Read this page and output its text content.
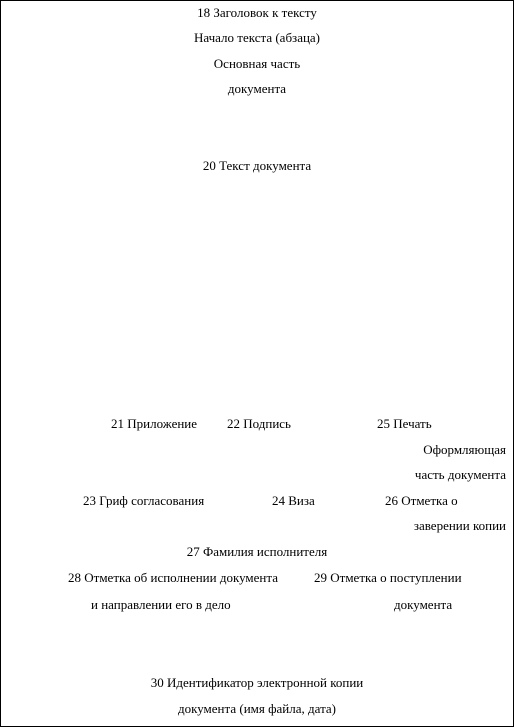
18 Заголовок к тексту
Начало текста (абзаца)
Основная часть
документа
20 Текст документа
21 Приложение 22 Подпись	25 Печать
Оформляющая
часть документа
23 Гриф согласования	24 Виза	26 Отметка о
заверении копии
27 Фамилия исполнителя
28 Отметка об исполнении документа	29 Отметка о поступлении
и направлении его в дело	документа
30 Идентификатор электронной копии
документа (имя файла, дата)
